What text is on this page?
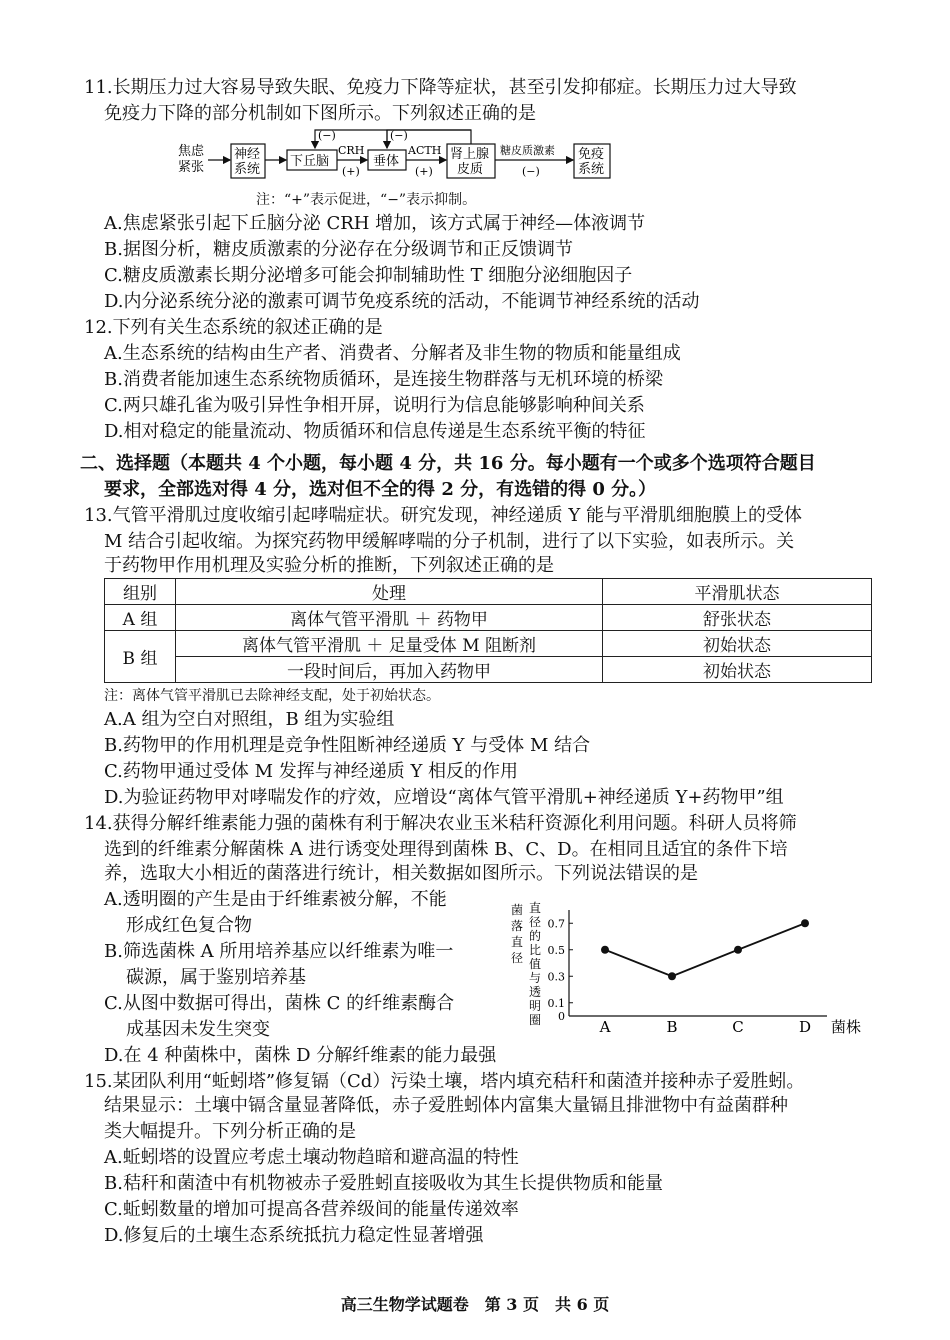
11.长期压力过大容易导致失眠、免疫力下降等症状，甚至引发抑郁症。长期压力过大导致
免疫力下降的部分机制如下图所示。下列叙述正确的是
焦虑
紧张
神经
系统
下丘脑
CRH
(+)
垂体
ACTH
(+)
肾上腺
皮质
糖皮质激素
(−)
免疫
系统
(−)	(−)
注：“+”表示促进，“−”表示抑制。
A.焦虑紧张引起下丘脑分泌 CRH 增加，该方式属于神经—体液调节
B.据图分析，糖皮质激素的分泌存在分级调节和正反馈调节
C.糖皮质激素长期分泌增多可能会抑制辅助性 T 细胞分泌细胞因子
D.内分泌系统分泌的激素可调节免疫系统的活动，不能调节神经系统的活动
12.下列有关生态系统的叙述正确的是
A.生态系统的结构由生产者、消费者、分解者及非生物的物质和能量组成
B.消费者能加速生态系统物质循环，是连接生物群落与无机环境的桥梁
C.两只雄孔雀为吸引异性争相开屏，说明行为信息能够影响种间关系
D.相对稳定的能量流动、物质循环和信息传递是生态系统平衡的特征
二、选择题（本题共 4 个小题，每小题 4 分，共 16 分。每小题有一个或多个选项符合题目
要求，全部选对得 4 分，选对但不全的得 2 分，有选错的得 0 分。）
13.气管平滑肌过度收缩引起哮喘症状。研究发现，神经递质 Y 能与平滑肌细胞膜上的受体
M 结合引起收缩。为探究药物甲缓解哮喘的分子机制，进行了以下实验，如表所示。关
于药物甲作用机理及实验分析的推断，下列叙述正确的是
组别	处理	平滑肌状态
A 组	离体气管平滑肌 ＋ 药物甲	舒张状态
B 组	离体气管平滑肌 ＋ 足量受体 M 阻断剂	初始状态
	一段时间后，再加入药物甲	初始状态
注：离体气管平滑肌已去除神经支配，处于初始状态。
A.A 组为空白对照组，B 组为实验组
B.药物甲的作用机理是竞争性阻断神经递质 Y 与受体 M 结合
C.药物甲通过受体 M 发挥与神经递质 Y 相反的作用
D.为验证药物甲对哮喘发作的疗效，应增设“离体气管平滑肌+神经递质 Y+药物甲”组
14.获得分解纤维素能力强的菌株有利于解决农业玉米秸秆资源化利用问题。科研人员将筛
选到的纤维素分解菌株 A 进行诱变处理得到菌株 B、C、D。在相同且适宜的条件下培
养，选取大小相近的菌落进行统计，相关数据如图所示。下列说法错误的是
A.透明圈的产生是由于纤维素被分解，不能
形成红色复合物
B.筛选菌株 A 所用培养基应以纤维素为唯一
碳源，属于鉴别培养基
C.从图中数据可得出，菌株 C 的纤维素酶合
成基因未发生突变
D.在 4 种菌株中，菌株 D 分解纤维素的能力最强
菌落直径
直径的比值与透明圈 0
0.1
0.3
0.5
0.7
A	B	C	D 菌株
15.某团队利用“蚯蚓塔”修复镉（Cd）污染土壤，塔内填充秸秆和菌渣并接种赤子爱胜蚓。
结果显示：土壤中镉含量显著降低，赤子爱胜蚓体内富集大量镉且排泄物中有益菌群种
类大幅提升。下列分析正确的是
A.蚯蚓塔的设置应考虑土壤动物趋暗和避高温的特性
B.秸秆和菌渣中有机物被赤子爱胜蚓直接吸收为其生长提供物质和能量
C.蚯蚓数量的增加可提高各营养级间的能量传递效率
D.修复后的土壤生态系统抵抗力稳定性显著增强
高三生物学试题卷　第 3 页　共 6 页
